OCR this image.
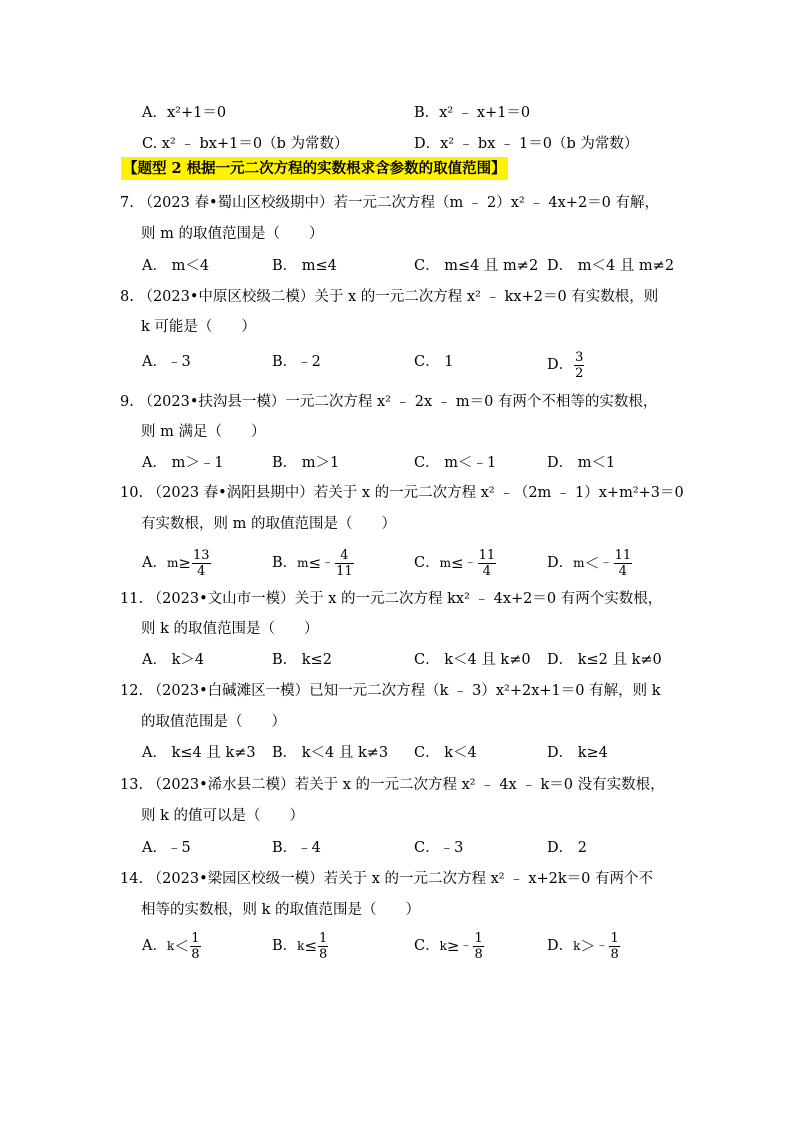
A．x²+1＝0	B．x² ﹣ x+1＝0
C. x² ﹣ bx+1＝0（b 为常数）	D．x² ﹣ bx ﹣ 1＝0（b 为常数）
【题型 2 根据一元二次方程的实数根求含参数的取值范围】
7. （2023 春•蜀山区校级期中）若一元二次方程（m ﹣ 2）x² ﹣ 4x+2＝0 有解，
则 m 的取值范围是（　　）
A． m＜4	B． m≤4	C． m≤4 且 m≠2 D． m＜4 且 m≠2
8. （2023•中原区校级二模）关于 x 的一元二次方程 x² ﹣ kx+2＝0 有实数根，则
k 可能是（　　）
A．﹣3	B．﹣2	C． 1	D． $\frac{3}{2}$
9. （2023•扶沟县一模）一元二次方程 x² ﹣ 2x ﹣ m＝0 有两个不相等的实数根，
则 m 满足（　　）
A． m＞﹣1	B． m＞1	C． m＜﹣1	D． m＜1
10. （2023 春•涡阳县期中）若关于 x 的一元二次方程 x² ﹣（2m ﹣ 1）x+m²+3＝0
有实数根，则 m 的取值范围是（　　）
A．$m\ge \frac{13}{4}$	B．m≤﹣ $\frac{4}{11}$	C．m≤﹣ $\frac{11}{4}$	D．m＜﹣ $\frac{11}{4}$
11. （2023•文山市一模）关于 x 的一元二次方程 kx² ﹣ 4x+2＝0 有两个实数根，
则 k 的取值范围是（　　）
A． k＞4	B． k≤2	C． k＜4 且 k≠0 D． k≤2 且 k≠0
12. （2023•白碱滩区一模）已知一元二次方程（k ﹣ 3）x²+2x+1＝0 有解，则 k
的取值范围是（　　）
A． k≤4 且 k≠3 B． k＜4 且 k≠3 C． k＜4	D． k≥4
13. （2023•浠水县二模）若关于 x 的一元二次方程 x² ﹣ 4x ﹣ k＝0 没有实数根，
则 k 的值可以是（　　）
A．﹣5	B．﹣4	C．﹣3	D． 2
14. （2023•梁园区校级一模）若关于 x 的一元二次方程 x² ﹣ x+2k＝0 有两个不
相等的实数根，则 k 的取值范围是（　　）
A．$k< \frac{1}{8}$	B．$k\le \frac{1}{8}$	C．k≥﹣ $\frac{1}{8}$	D．k＞﹣ $\frac{1}{8}$
